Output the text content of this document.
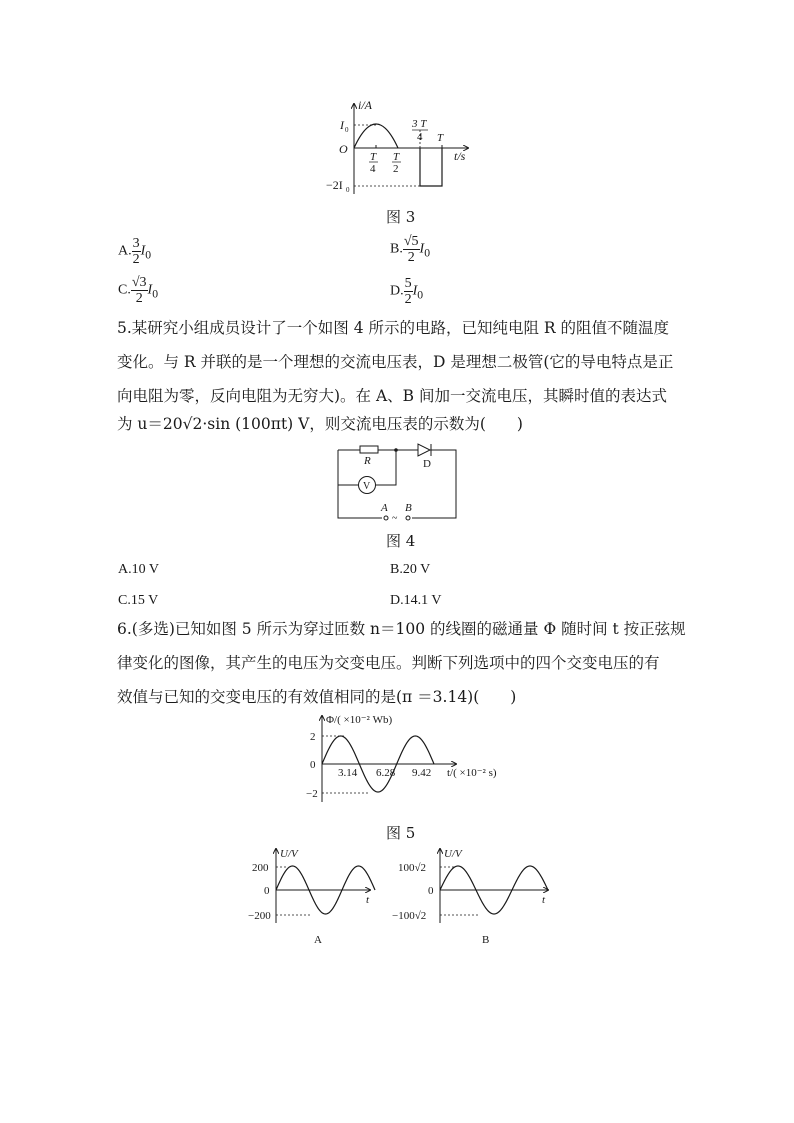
i/A
t/s
O
I 0
−2I 0
T
4
T
2
3 T
4 T
图 3
A. $\frac{3}{2} I_0$	B. $\frac{√5}{2} I_0$
C. $\frac{√3}{2} I_0$	D. $\frac{5}{2} I_0$
5.某研究小组成员设计了一个如图 4 所示的电路，已知纯电阻 R 的阻值不随温度
变化。与 R 并联的是一个理想的交流电压表，D 是理想二极管(它的导电特点是正
向电阻为零，反向电阻为无穷大)。在 A、B 间加一交流电压，其瞬时值的表达式
为 u＝20√2·sin (100πt) V，则交流电压表的示数为(　　)
V
~
R	D
A B
图 4
A.10 V	B.20 V
C.15 V	D.14.1 V
6.(多选)已知如图 5 所示为穿过匝数 n＝100 的线圈的磁通量 Φ 随时间 t 按正弦规
律变化的图像，其产生的电压为交变电压。判断下列选项中的四个交变电压的有
效值与已知的交变电压的有效值相同的是(π ＝3.14)(　　)
Φ/( ×10⁻² Wb)
t/( ×10⁻² s)
2
0
−2
3.14 6.28 9.42
图 5
U/V
t
200
0
−200
A
U/V
t
100√2
0
−100√2
B
